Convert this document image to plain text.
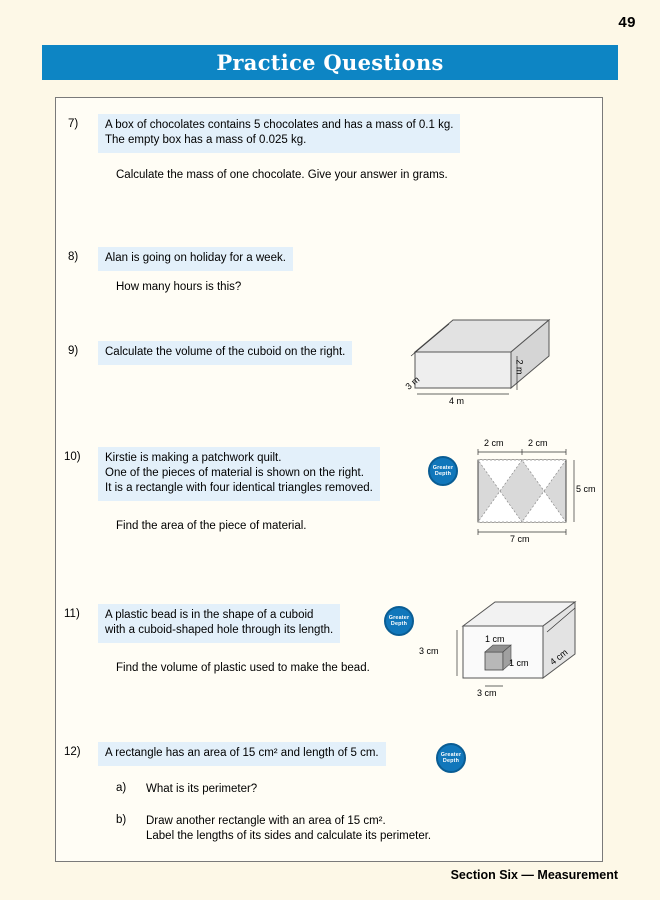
49
Practice Questions
7)	A box of chocolates contains 5 chocolates and has a mass of 0.1 kg.
The empty box has a mass of 0.025 kg.
Calculate the mass of one chocolate. Give your answer in grams.
8)	Alan is going on holiday for a week.
How many hours is this?
9)	Calculate the volume of the cuboid on the right.
3 m
4 m
2 m
10)	Kirstie is making a patchwork quilt.
One of the pieces of material is shown on the right.
It is a rectangle with four identical triangles removed.
Find the area of the piece of material.
Greater
Depth
2 cm	2 cm
5 cm
7 cm
11)	A plastic bead is in the shape of a cuboid
with a cuboid-shaped hole through its length.
Find the volume of plastic used to make the bead.
Greater
Depth
3 cm
1 cm
1 cm
3 cm
4 cm
12)	A rectangle has an area of 15 cm² and length of 5 cm.	Greater
Depth
a) What is its perimeter?
b) Draw another rectangle with an area of 15 cm².
Label the lengths of its sides and calculate its perimeter.
Section Six — Measurement
